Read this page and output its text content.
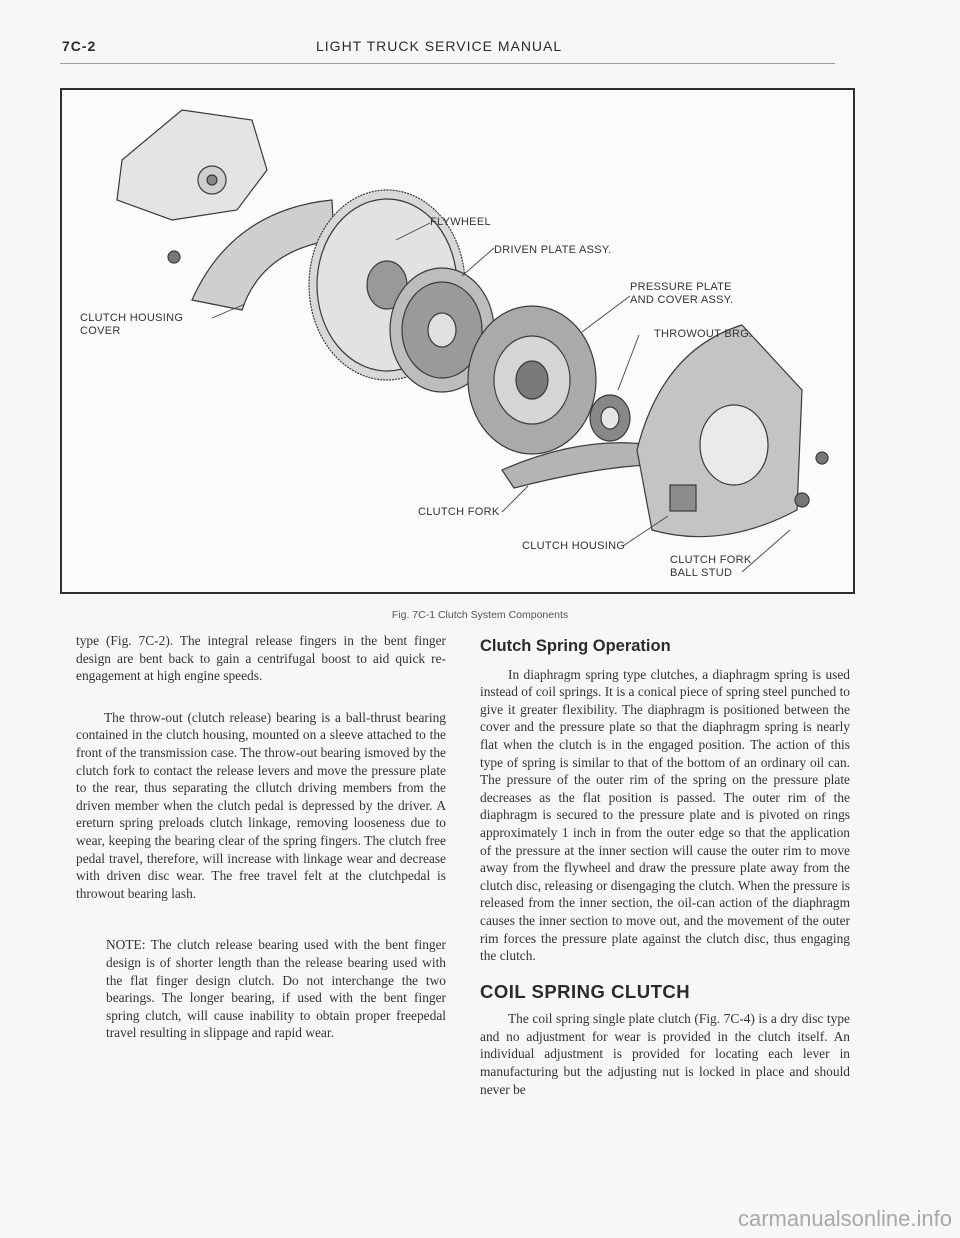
7C-2	LIGHT TRUCK SERVICE MANUAL
FLYWHEEL
DRIVEN PLATE ASSY.
PRESSURE PLATE
AND COVER ASSY.
CLUTCH HOUSING
COVER	THROWOUT BRG.
CLUTCH FORK
CLUTCH HOUSING
CLUTCH FORK
BALL STUD
Fig. 7C-1 Clutch System Components

type (Fig. 7C-2). The integral release fingers in the bent finger design are bent back to gain a centrifugal boost to aid quick re-engagement at high engine speeds.

The throw-out (clutch release) bearing is a ball-thrust bearing contained in the clutch housing, mounted on a sleeve attached to the front of the transmission case. The throw-out bearing ismoved by the clutch fork to contact the release levers and move the pressure plate to the rear, thus separating the cllutch driving members from the driven member when the clutch pedal is depressed by the driver. A ereturn spring preloads clutch linkage, removing looseness due to wear, keeping the bearing clear of the spring fingers. The clutch free pedal travel, therefore, will increase with linkage wear and decrease with driven disc wear. The free travel felt at the clutchpedal is throwout bearing lash.

NOTE: The clutch release bearing used with the bent finger design is of shorter length than the release bearing used with the flat finger design clutch. Do not interchange the two bearings. The longer bearing, if used with the bent finger spring clutch, will cause inability to obtain proper freepedal travel resulting in slippage and rapid wear.

Clutch Spring Operation

In diaphragm spring type clutches, a diaphragm spring is used instead of coil springs. It is a conical piece of spring steel punched to give it greater flexibility. The diaphragm is positioned between the cover and the pressure plate so that the diaphragm spring is nearly flat when the clutch is in the engaged position. The action of this type of spring is similar to that of the bottom of an ordinary oil can. The pressure of the outer rim of the spring on the pressure plate decreases as the flat position is passed. The outer rim of the diaphragm is secured to the pressure plate and is pivoted on rings approximately 1 inch in from the outer edge so that the application of the pressure at the inner section will cause the outer rim to move away from the flywheel and draw the pressure plate away from the clutch disc, releasing or disengaging the clutch. When the pressure is released from the inner section, the oil-can action of the diaphragm causes the inner section to move out, and the movement of the outer rim forces the pressure plate against the clutch disc, thus engaging the clutch.

COIL SPRING CLUTCH

The coil spring single plate clutch (Fig. 7C-4) is a dry disc type and no adjustment for wear is provided in the clutch itself. An individual adjustment is provided for locating each lever in manufacturing but the adjusting nut is locked in place and should never be

carmanualsonline.info
